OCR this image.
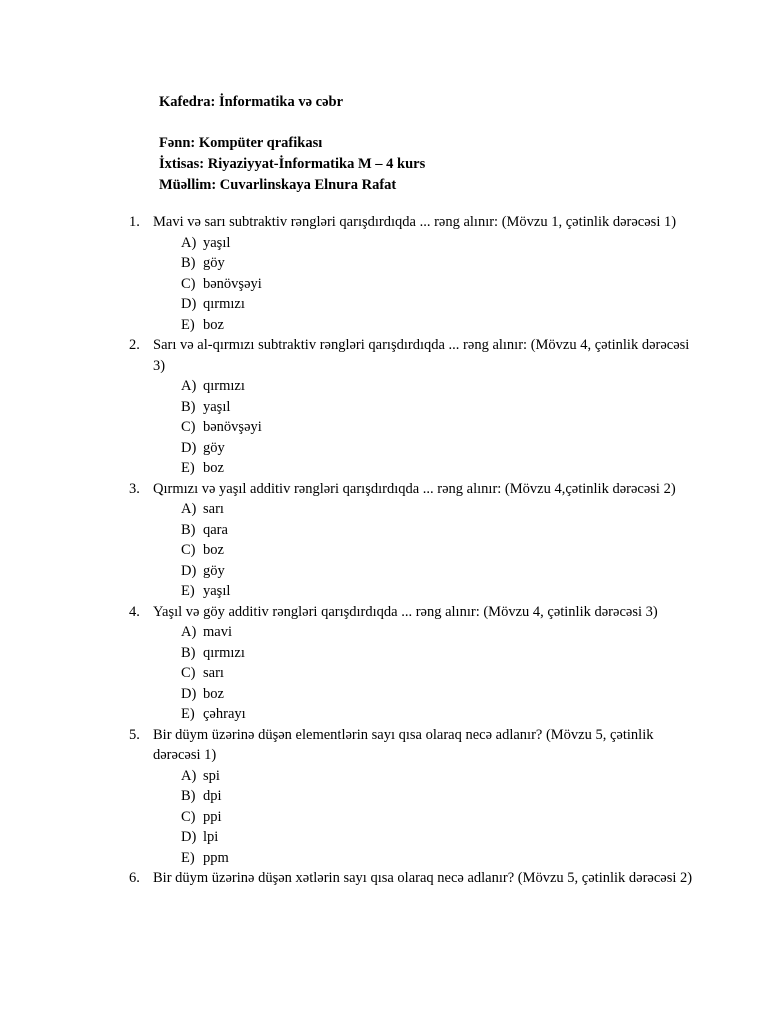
Kafedra: İnformatika və cəbr
Fənn: Kompüter qrafikası
İxtisas: Riyaziyyat-İnformatika M – 4 kurs
Müəllim: Cuvarlinskaya Elnura Rafat
1. Mavi və sarı subtraktiv rəngləri qarışdırdıqda ... rəng alınır: (Mövzu 1, çətinlik dərəcəsi 1)
A) yaşıl
B) göy
C) bənövşəyi
D) qırmızı
E) boz
2. Sarı və al-qırmızı subtraktiv rəngləri qarışdırdıqda ... rəng alınır: (Mövzu 4, çətinlik dərəcəsi 3)
A) qırmızı
B) yaşıl
C) bənövşəyi
D) göy
E) boz
3. Qırmızı və yaşıl additiv rəngləri qarışdırdıqda ... rəng alınır: (Mövzu 4,çətinlik dərəcəsi 2)
A) sarı
B) qara
C) boz
D) göy
E) yaşıl
4. Yaşıl və göy additiv rəngləri qarışdırdıqda ... rəng alınır: (Mövzu 4, çətinlik dərəcəsi 3)
A) mavi
B) qırmızı
C) sarı
D) boz
E) çəhrayı
5. Bir düym üzərinə düşən elementlərin sayı qısa olaraq necə adlanır? (Mövzu 5, çətinlik dərəcəsi 1)
A) spi
B) dpi
C) ppi
D) lpi
E) ppm
6. Bir düym üzərinə düşən xətlərin sayı qısa olaraq necə adlanır? (Mövzu 5, çətinlik dərəcəsi 2)
